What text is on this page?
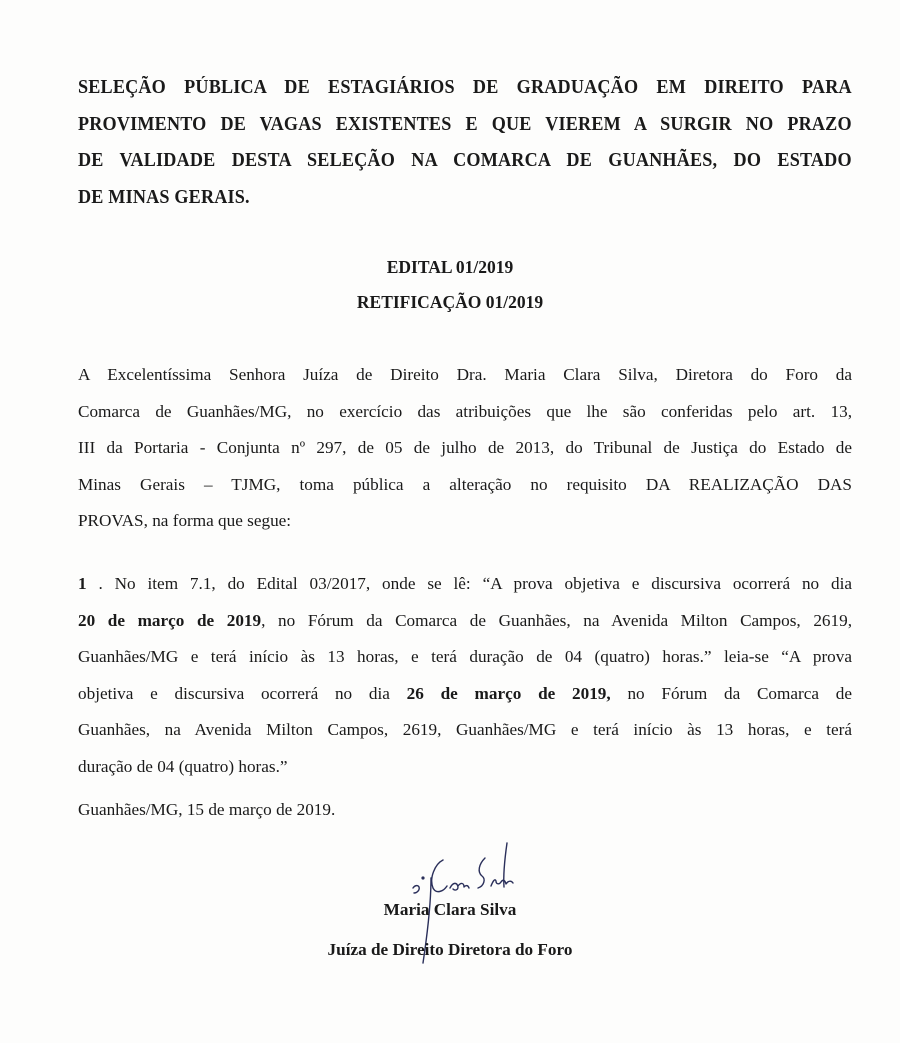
SELEÇÃO PÚBLICA DE ESTAGIÁRIOS DE GRADUAÇÃO EM DIREITO PARA
PROVIMENTO DE VAGAS EXISTENTES E QUE VIEREM A SURGIR NO PRAZO
DE VALIDADE DESTA SELEÇÃO NA COMARCA DE GUANHÃES, DO ESTADO
DE MINAS GERAIS.
EDITAL 01/2019
RETIFICAÇÃO 01/2019
A Excelentíssima Senhora Juíza de Direito Dra. Maria Clara Silva, Diretora do Foro da
Comarca de Guanhães/MG, no exercício das atribuições que lhe são conferidas pelo art. 13,
III da Portaria - Conjunta nº 297, de 05 de julho de 2013, do Tribunal de Justiça do Estado de
Minas Gerais – TJMG, toma pública a alteração no requisito DA REALIZAÇÃO DAS
PROVAS, na forma que segue:
1 . No item 7.1, do Edital 03/2017, onde se lê: “A prova objetiva e discursiva ocorrerá no dia
20 de março de 2019, no Fórum da Comarca de Guanhães, na Avenida Milton Campos, 2619,
Guanhães/MG e terá início às 13 horas, e terá duração de 04 (quatro) horas.” leia-se “A prova
objetiva e discursiva ocorrerá no dia 26 de março de 2019, no Fórum da Comarca de
Guanhães, na Avenida Milton Campos, 2619, Guanhães/MG e terá início às 13 horas, e terá
duração de 04 (quatro) horas.”
Guanhães/MG, 15 de março de 2019.
Maria Clara Silva
Juíza de Direito Diretora do Foro
